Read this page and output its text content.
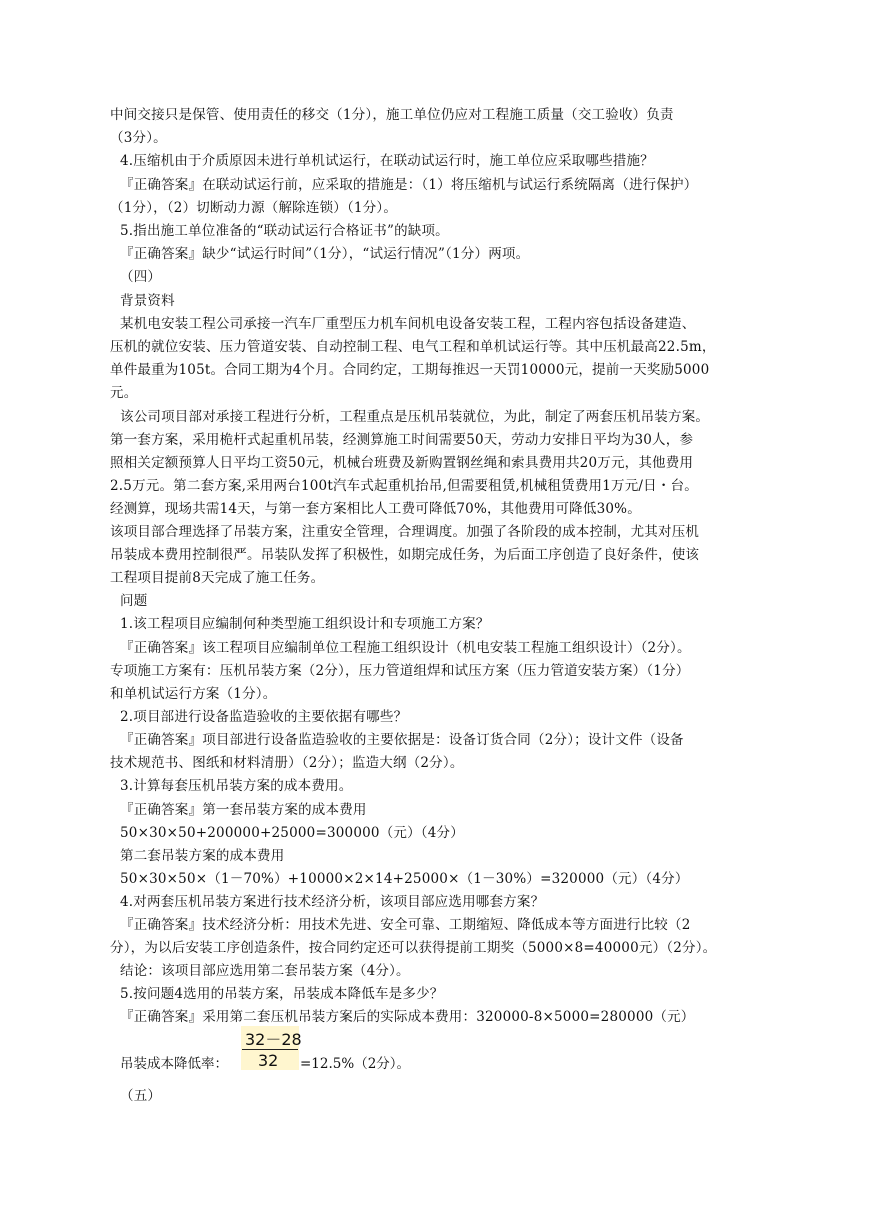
中间交接只是保管、使用责任的移交（1分），施工单位仍应对工程施工质量（交工验收）负责
（3分）。
4.压缩机由于介质原因未进行单机试运行，在联动试运行时，施工单位应采取哪些措施？
『正确答案』在联动试运行前，应采取的措施是：（1）将压缩机与试运行系统隔离（进行保护）
（1分），（2）切断动力源（解除连锁）（1分）。
5.指出施工单位准备的“联动试运行合格证书”的缺项。
『正确答案』缺少“试运行时间”（1分），“试运行情况”（1分）两项。
（四）
背景资料
某机电安装工程公司承接一汽车厂重型压力机车间机电设备安装工程，工程内容包括设备建造、
压机的就位安装、压力管道安装、自动控制工程、电气工程和单机试运行等。其中压机最高22.5m，
单件最重为105t。合同工期为4个月。合同约定，工期每推迟一天罚10000元，提前一天奖励5000
元。
该公司项目部对承接工程进行分析，工程重点是压机吊装就位，为此，制定了两套压机吊装方案。
第一套方案，采用桅杆式起重机吊装，经测算施工时间需要50天，劳动力安排日平均为30人，参
照相关定额预算人日平均工资50元，机械台班费及新购置钢丝绳和索具费用共20万元，其他费用
2.5万元。第二套方案,采用两台100t汽车式起重机抬吊,但需要租赁,机械租赁费用1万元/日・台。
经测算，现场共需14天，与第一套方案相比人工费可降低70%，其他费用可降低30%。
该项目部合理选择了吊装方案，注重安全管理，合理调度。加强了各阶段的成本控制，尤其对压机
吊装成本费用控制很严。吊装队发挥了积极性，如期完成任务，为后面工序创造了良好条件，使该
工程项目提前8天完成了施工任务。
问题
1.该工程项目应编制何种类型施工组织设计和专项施工方案？
『正确答案』该工程项目应编制单位工程施工组织设计（机电安装工程施工组织设计）（2分）。
专项施工方案有：压机吊装方案（2分），压力管道组焊和试压方案（压力管道安装方案）（1分）
和单机试运行方案（1分）。
2.项目部进行设备监造验收的主要依据有哪些？
『正确答案』项目部进行设备监造验收的主要依据是：设备订货合同（2分）；设计文件（设备
技术规范书、图纸和材料清册）（2分）；监造大纲（2分）。
3.计算每套压机吊装方案的成本费用。
『正确答案』第一套吊装方案的成本费用
50×30×50+200000+25000=300000（元）（4分）
第二套吊装方案的成本费用
50×30×50×（1－70%）+10000×2×14+25000×（1－30%）=320000（元）（4分）
4.对两套压机吊装方案进行技术经济分析，该项目部应选用哪套方案？
『正确答案』技术经济分析：用技术先进、安全可靠、工期缩短、降低成本等方面进行比较（2
分），为以后安装工序创造条件，按合同约定还可以获得提前工期奖（5000×8=40000元）（2分）。
结论：该项目部应选用第二套吊装方案（4分）。
5.按问题4选用的吊装方案，吊装成本降低车是多少？
『正确答案』采用第二套压机吊装方案后的实际成本费用：320000-8×5000=280000（元）
吊装成本降低率：
32－28
32 =12.5%（2分）。
（五）
